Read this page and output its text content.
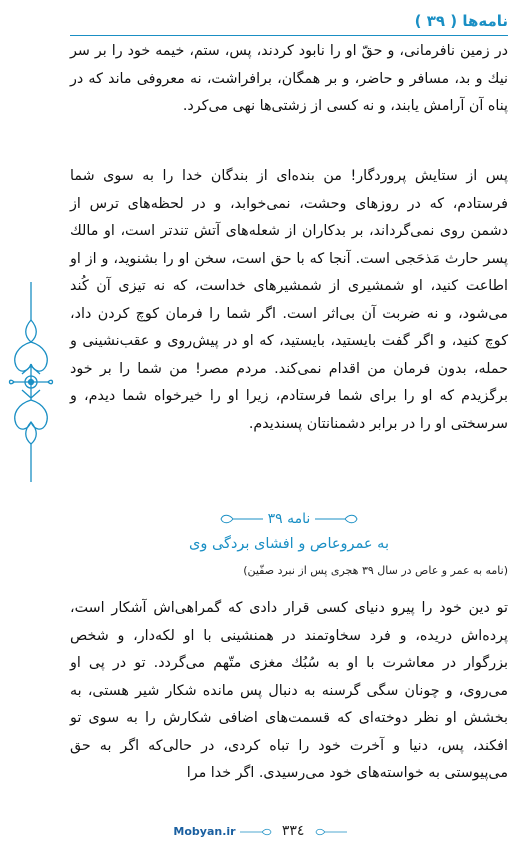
نامه‌ها ( ٣٩ )

در زمین نافرمانی، و حقّ او را نابود کردند، پس، ستم، خیمه خود را بر سر نیك و بد، مسافر و حاضر، و بر همگان، برافراشت، نه معروفی ماند که در پناه آن آرامش یابند، و نه کسی از زشتی‌ها نهی می‌کرد.

پس از ستایش پروردگار! من بنده‌ای از بندگان خدا را به سوی شما فرستادم، که در روزهای وحشت، نمی‌خوابد، و در لحظه‌های ترس از دشمن روی نمی‌گرداند، بر بدکاران از شعله‌های آتش تندتر است، او مالك پسر حارث مَذحَجی است. آنجا که با حق است، سخن او را بشنوید، و از او اطاعت کنید، او شمشیری از شمشیرهای خداست، که نه تیزی آن کُند می‌شود، و نه ضربت آن بی‌اثر است. اگر شما را فرمان کوچ کردن داد، کوچ کنید، و اگر گفت بایستید، بایستید، که او در پیش‌روی و عقب‌نشینی و حمله، بدون فرمان من اقدام نمی‌کند. مردم مصر! من شما را بر خود برگزیدم که او را برای شما فرستادم، زیرا او را خیرخواه شما دیدم، و سرسختی او را در برابر دشمنانتان پسندیدم.

نامه ٣٩
به عمروعاص و افشای بردگی وی
(نامه به عمر و عاص در سال ٣٩ هجری پس از نبرد صفّین)

تو دین خود را پیرو دنیای کسی قرار دادی که گمراهی‌اش آشکار است، پرده‌اش دریده، و فرد سخاوتمند در همنشینی با او لکه‌دار، و شخص بزرگوار در معاشرت با او به سُبُك مغزی متّهم می‌گردد. تو در پی او می‌روی، و چونان سگی گرسنه به دنبال پس مانده شکار شیر هستی، به بخشش او نظر دوخته‌ای که قسمت‌های اضافی شکارش را به سوی تو افکند، پس، دنیا و آخرت خود را تباه کردی، در حالی‌که اگر به حق می‌پیوستی به خواسته‌های خود می‌رسیدی. اگر خدا مرا

Mobyan.ir	٣٣٤
